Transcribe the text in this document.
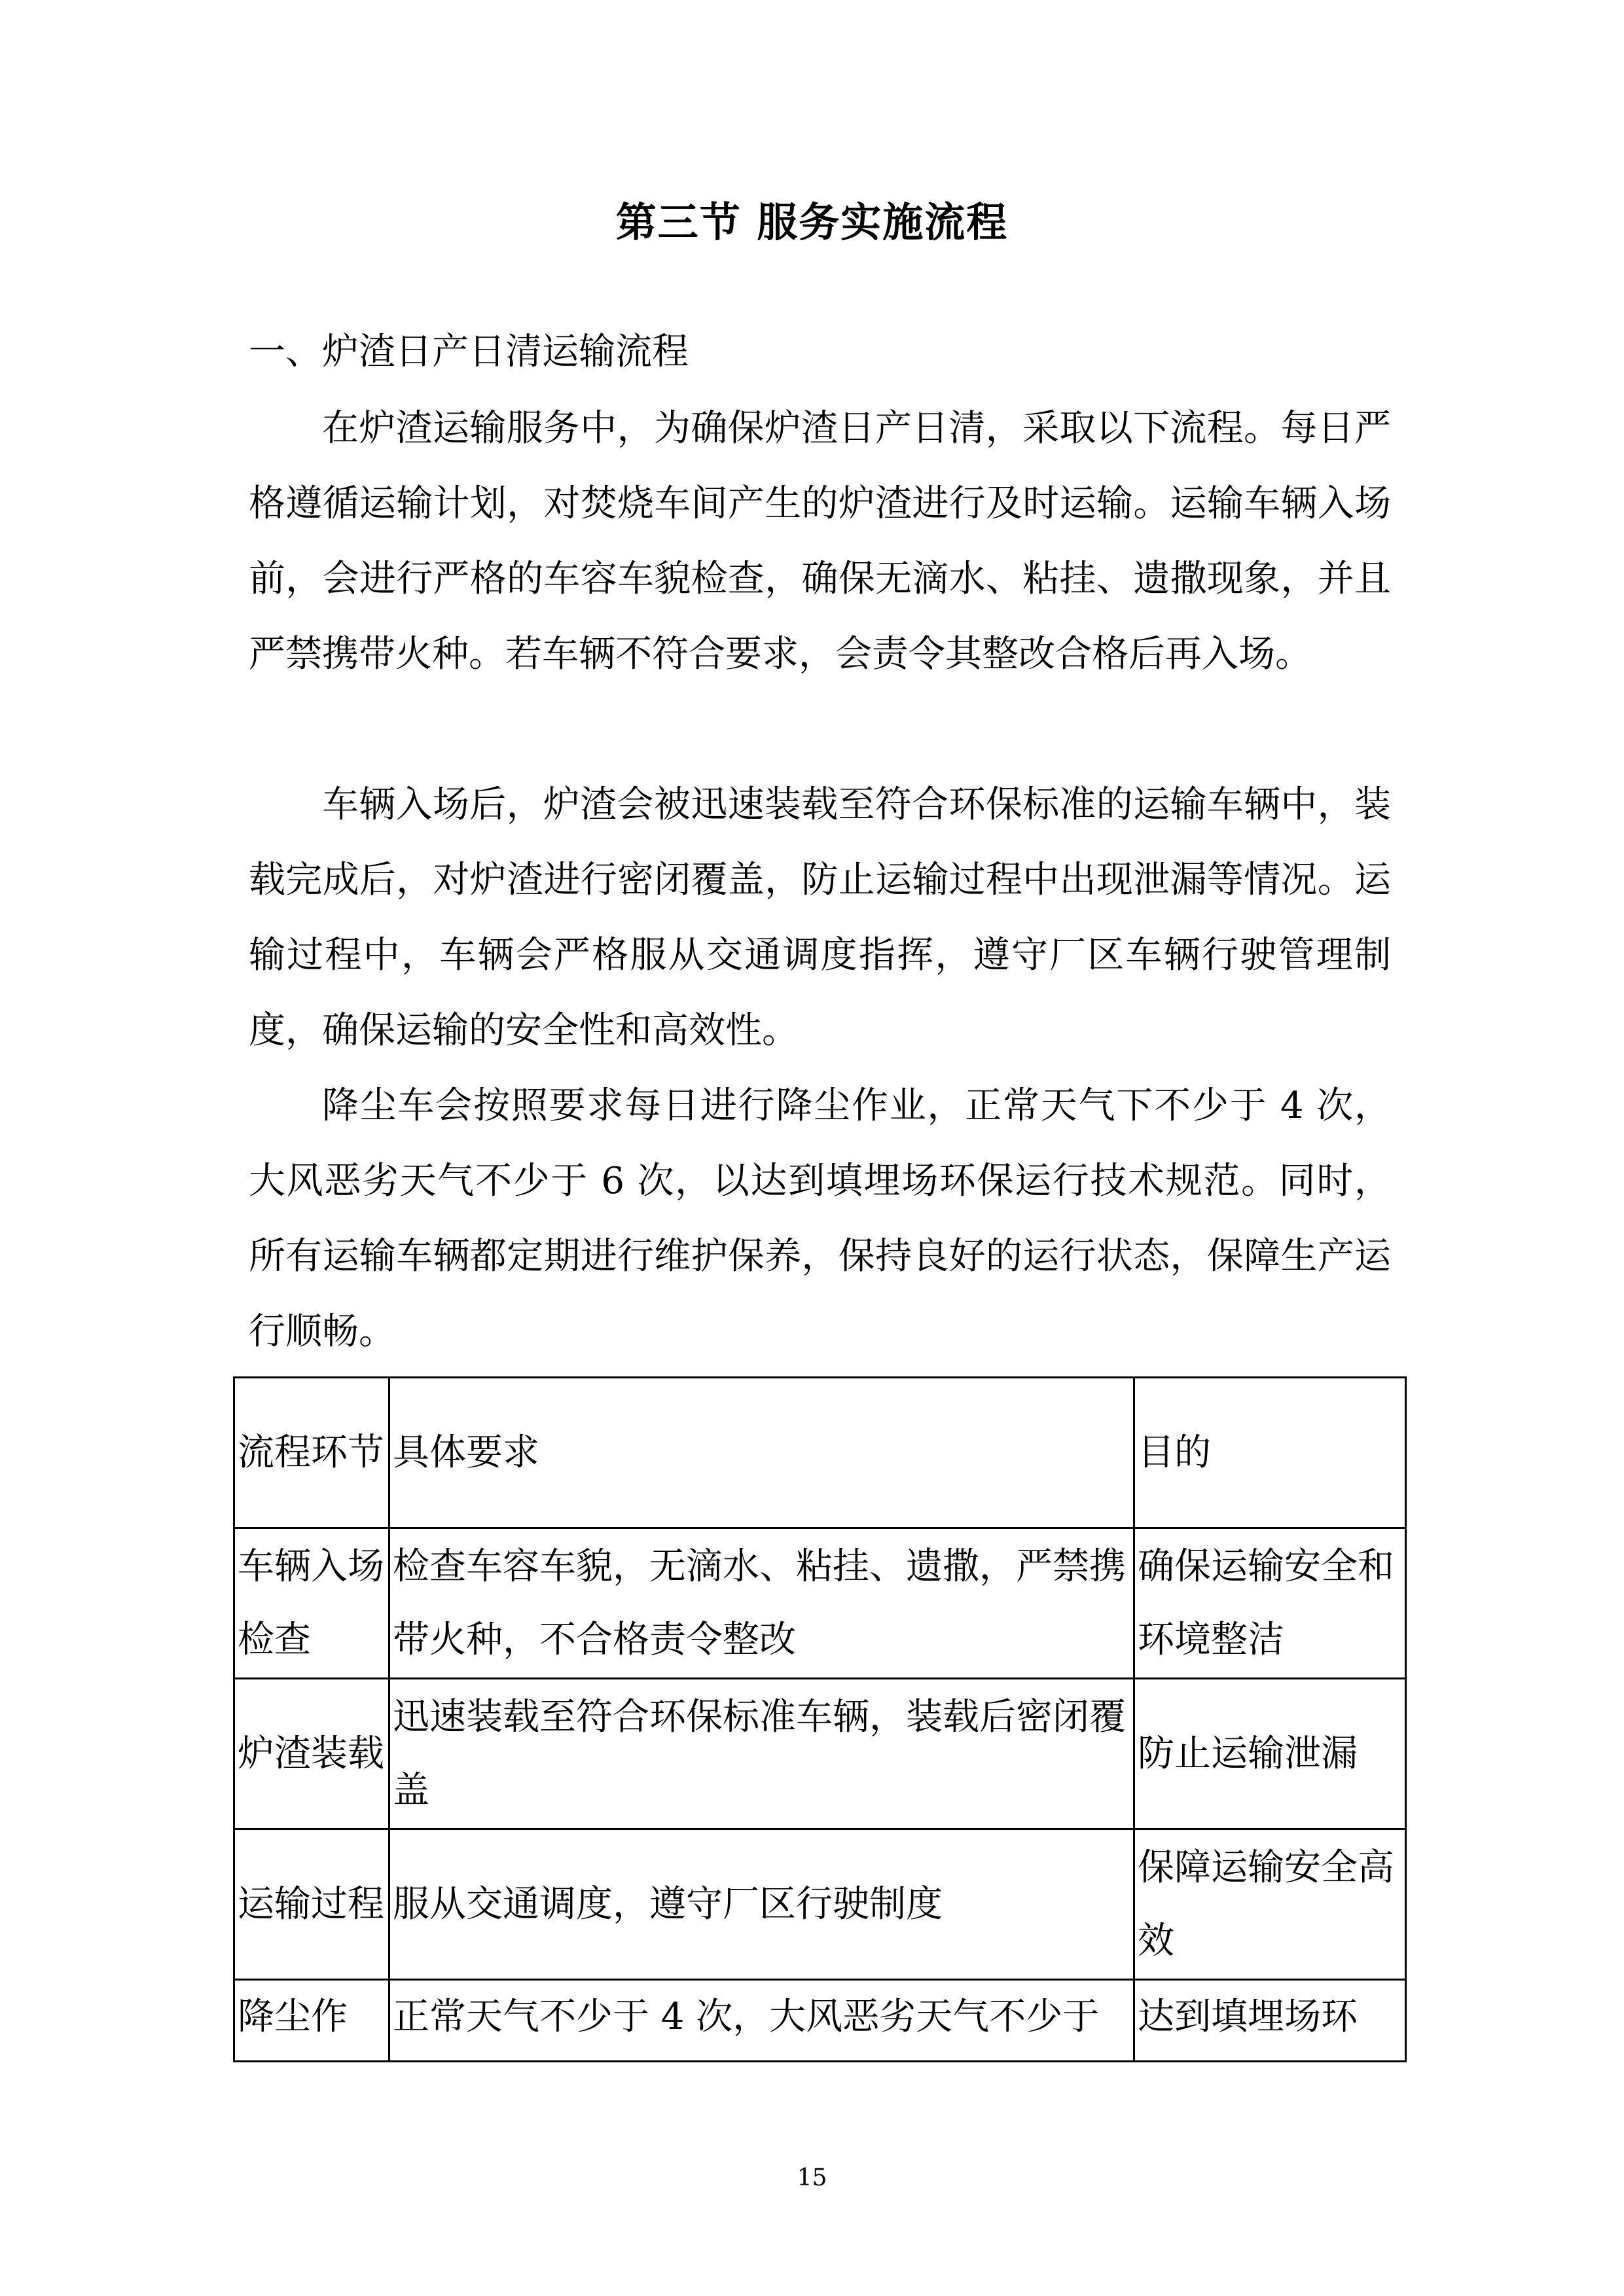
第三节 服务实施流程
一、炉渣日产日清运输流程

在炉渣运输服务中，为确保炉渣日产日清，采取以下流程。每日严格遵循运输计划，对焚烧车间产生的炉渣进行及时运输。运输车辆入场前，会进行严格的车容车貌检查，确保无滴水、粘挂、遗撒现象，并且严禁携带火种。若车辆不符合要求，会责令其整改合格后再入场。

车辆入场后，炉渣会被迅速装载至符合环保标准的运输车辆中，装载完成后，对炉渣进行密闭覆盖，防止运输过程中出现泄漏等情况。运输过程中，车辆会严格服从交通调度指挥，遵守厂区车辆行驶管理制度，确保运输的安全性和高效性。

降尘车会按照要求每日进行降尘作业，正常天气下不少于 4 次，大风恶劣天气不少于 6 次，以达到填埋场环保运行技术规范。同时，所有运输车辆都定期进行维护保养，保持良好的运行状态，保障生产运行顺畅。

流程环节	具体要求	目的
车辆入场检查	检查车容车貌，无滴水、粘挂、遗撒，严禁携带火种，不合格责令整改	确保运输安全和环境整洁
炉渣装载	迅速装载至符合环保标准车辆，装载后密闭覆盖	防止运输泄漏
运输过程	服从交通调度，遵守厂区行驶制度	保障运输安全高效
降尘作	正常天气不少于 4 次，大风恶劣天气不少于	达到填埋场环
15
